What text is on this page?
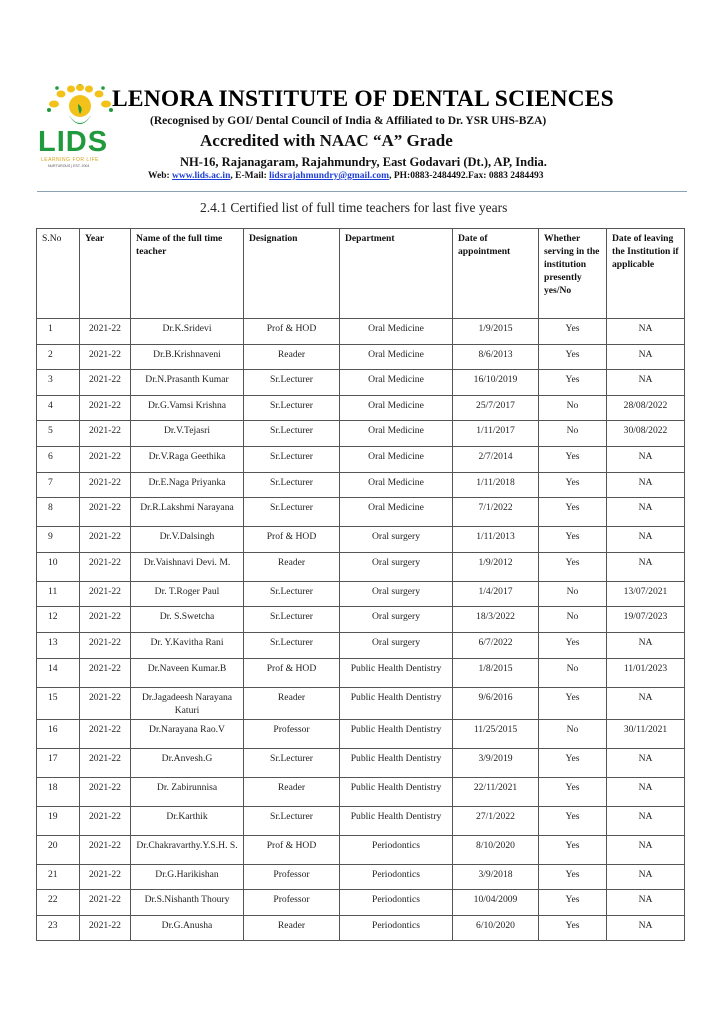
LIDS
LEARNING FOR LIFE
NURTUROUS | EST. 2004
LENORA INSTITUTE OF DENTAL SCIENCES
(Recognised by GOI/ Dental Council of India & Affiliated to Dr. YSR UHS-BZA)
Accredited with NAAC “A” Grade
NH-16, Rajanagaram, Rajahmundry, East Godavari (Dt.), AP, India.
Web: www.lids.ac.in, E-Mail: lidsrajahmundry@gmail.com, PH:0883-2484492.Fax: 0883 2484493
2.4.1 Certified list of full time teachers for last five years
S.No	Year	Name of the full time teacher	Designation	Department	Date of appointment	Whether serving in the institution presently yes/No	Date of leaving the Institution if applicable
1	2021-22	Dr.K.Sridevi	Prof & HOD	Oral Medicine	1/9/2015	Yes	NA
2	2021-22	Dr.B.Krishnaveni	Reader	Oral Medicine	8/6/2013	Yes	NA
3	2021-22	Dr.N.Prasanth Kumar	Sr.Lecturer	Oral Medicine	16/10/2019	Yes	NA
4	2021-22	Dr.G.Vamsi Krishna	Sr.Lecturer	Oral Medicine	25/7/2017	No	28/08/2022
5	2021-22	Dr.V.Tejasri	Sr.Lecturer	Oral Medicine	1/11/2017	No	30/08/2022
6	2021-22	Dr.V.Raga Geethika	Sr.Lecturer	Oral Medicine	2/7/2014	Yes	NA
7	2021-22	Dr.E.Naga Priyanka	Sr.Lecturer	Oral Medicine	1/11/2018	Yes	NA
8	2021-22	Dr.R.Lakshmi Narayana	Sr.Lecturer	Oral Medicine	7/1/2022	Yes	NA
9	2021-22	Dr.V.Dalsingh	Prof & HOD	Oral surgery	1/11/2013	Yes	NA
10	2021-22	Dr.Vaishnavi Devi. M.	Reader	Oral surgery	1/9/2012	Yes	NA
11	2021-22	Dr. T.Roger Paul	Sr.Lecturer	Oral surgery	1/4/2017	No	13/07/2021
12	2021-22	Dr. S.Swetcha	Sr.Lecturer	Oral surgery	18/3/2022	No	19/07/2023
13	2021-22	Dr. Y.Kavitha Rani	Sr.Lecturer	Oral surgery	6/7/2022	Yes	NA
14	2021-22	Dr.Naveen Kumar.B	Prof & HOD	Public Health Dentistry	1/8/2015	No	11/01/2023
15	2021-22	Dr.Jagadeesh Narayana Katuri	Reader	Public Health Dentistry	9/6/2016	Yes	NA
16	2021-22	Dr.Narayana Rao.V	Professor	Public Health Dentistry	11/25/2015	No	30/11/2021
17	2021-22	Dr.Anvesh.G	Sr.Lecturer	Public Health Dentistry	3/9/2019	Yes	NA
18	2021-22	Dr. Zabirunnisa	Reader	Public Health Dentistry	22/11/2021	Yes	NA
19	2021-22	Dr.Karthik	Sr.Lecturer	Public Health Dentistry	27/1/2022	Yes	NA
20	2021-22	Dr.Chakravarthy.Y.S.H. S.	Prof & HOD	Periodontics	8/10/2020	Yes	NA
21	2021-22	Dr.G.Harikishan	Professor	Periodontics	3/9/2018	Yes	NA
22	2021-22	Dr.S.Nishanth Thoury	Professor	Periodontics	10/04/2009	Yes	NA
23	2021-22	Dr.G.Anusha	Reader	Periodontics	6/10/2020	Yes	NA
